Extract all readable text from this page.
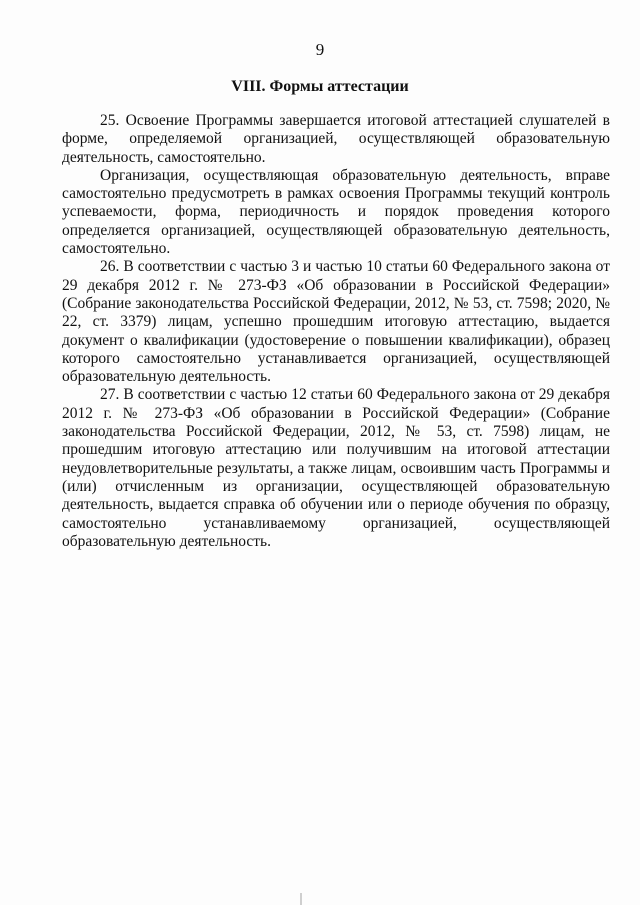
9
VIII. Формы аттестации

25. Освоение Программы завершается итоговой аттестацией слушателей в форме, определяемой организацией, осуществляющей образовательную деятельность, самостоятельно.

Организация, осуществляющая образовательную деятельность, вправе самостоятельно предусмотреть в рамках освоения Программы текущий контроль успеваемости, форма, периодичность и порядок проведения которого определяется организацией, осуществляющей образовательную деятельность, самостоятельно.

26. В соответствии с частью 3 и частью 10 статьи 60 Федерального закона от 29 декабря 2012 г. № 273-ФЗ «Об образовании в Российской Федерации» (Собрание законодательства Российской Федерации, 2012, № 53, ст. 7598; 2020, № 22, ст. 3379) лицам, успешно прошедшим итоговую аттестацию, выдается документ о квалификации (удостоверение о повышении квалификации), образец которого самостоятельно устанавливается организацией, осуществляющей образовательную деятельность.

27. В соответствии с частью 12 статьи 60 Федерального закона от 29 декабря 2012 г. № 273-ФЗ «Об образовании в Российской Федерации» (Собрание законодательства Российской Федерации, 2012, № 53, ст. 7598) лицам, не прошедшим итоговую аттестацию или получившим на итоговой аттестации неудовлетворительные результаты, а также лицам, освоившим часть Программы и (или) отчисленным из организации, осуществляющей образовательную деятельность, выдается справка об обучении или о периоде обучения по образцу, самостоятельно устанавливаемому организацией, осуществляющей образовательную деятельность.
